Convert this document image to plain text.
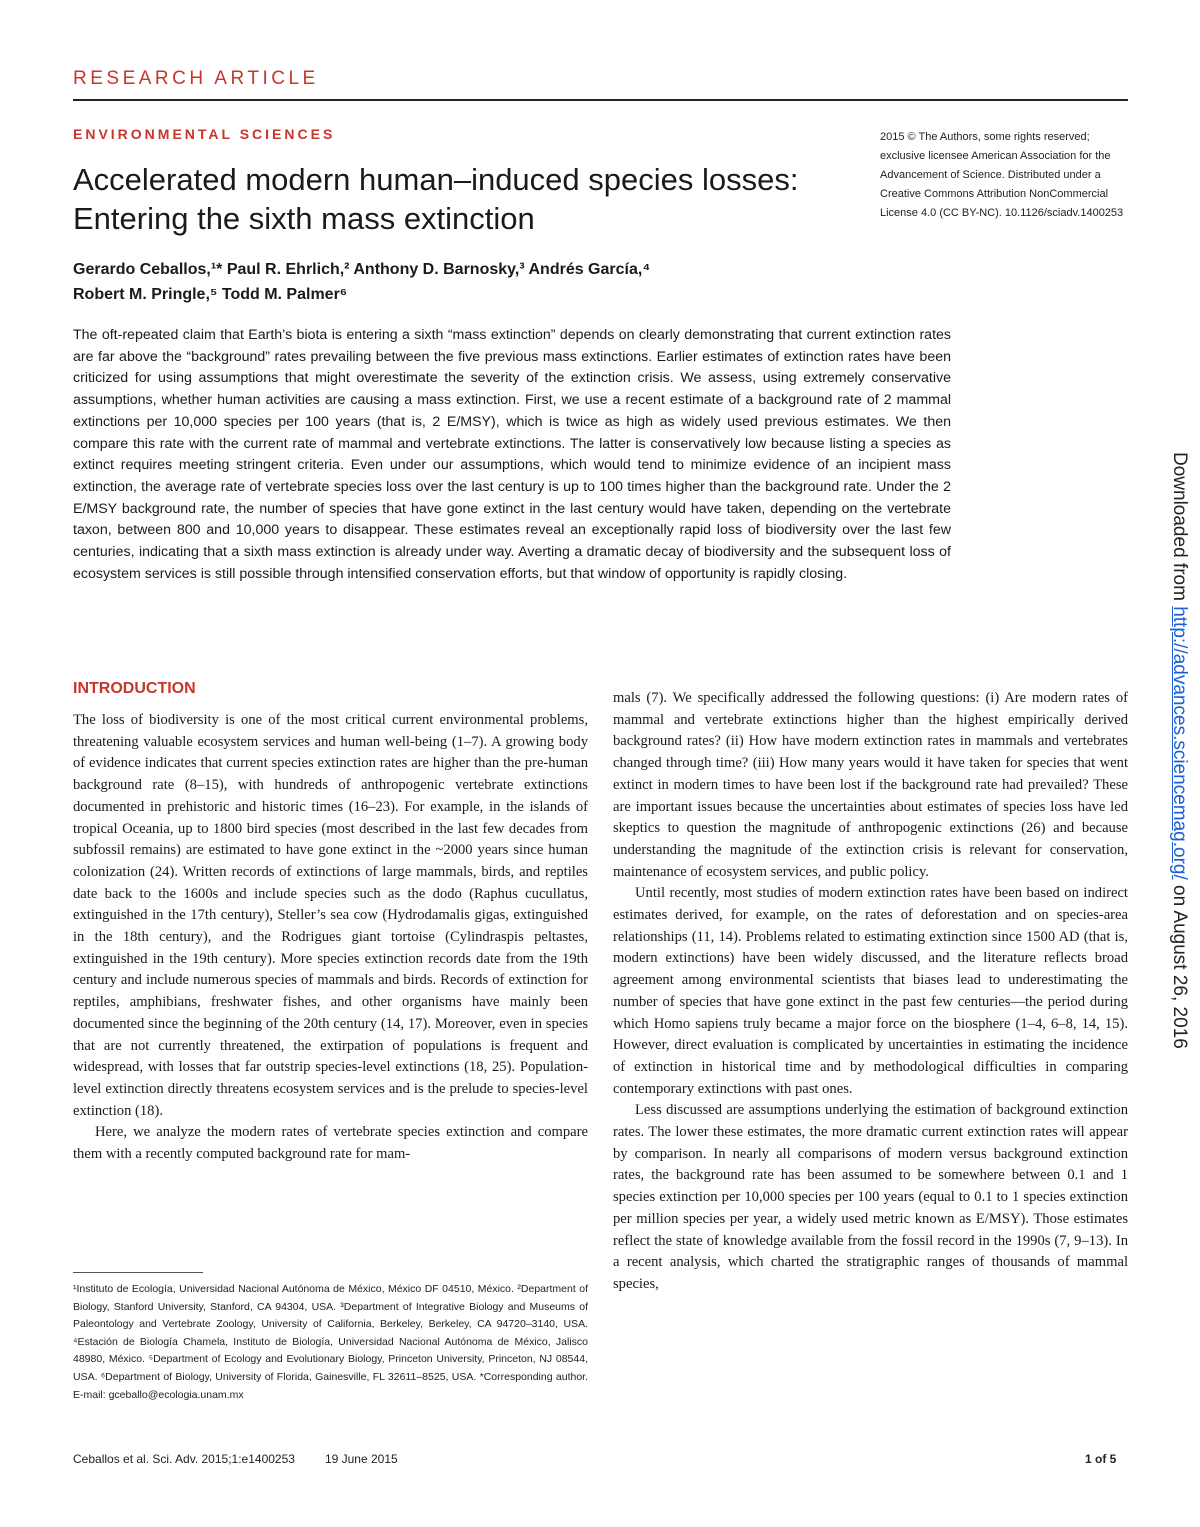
RESEARCH ARTICLE
ENVIRONMENTAL SCIENCES
Accelerated modern human–induced species losses: Entering the sixth mass extinction
Gerardo Ceballos,¹* Paul R. Ehrlich,² Anthony D. Barnosky,³ Andrés García,⁴
Robert M. Pringle,⁵ Todd M. Palmer⁶
2015 © The Authors, some rights reserved; exclusive licensee American Association for the Advancement of Science. Distributed under a Creative Commons Attribution NonCommercial License 4.0 (CC BY-NC). 10.1126/sciadv.1400253
The oft-repeated claim that Earth’s biota is entering a sixth “mass extinction” depends on clearly demonstrating that current extinction rates are far above the “background” rates prevailing between the five previous mass extinctions. Earlier estimates of extinction rates have been criticized for using assumptions that might overestimate the severity of the extinction crisis. We assess, using extremely conservative assumptions, whether human activities are causing a mass extinction. First, we use a recent estimate of a background rate of 2 mammal extinctions per 10,000 species per 100 years (that is, 2 E/MSY), which is twice as high as widely used previous estimates. We then compare this rate with the current rate of mammal and vertebrate extinctions. The latter is conservatively low because listing a species as extinct requires meeting stringent criteria. Even under our assumptions, which would tend to minimize evidence of an incipient mass extinction, the average rate of vertebrate species loss over the last century is up to 100 times higher than the background rate. Under the 2 E/MSY background rate, the number of species that have gone extinct in the last century would have taken, depending on the vertebrate taxon, between 800 and 10,000 years to disappear. These estimates reveal an exceptionally rapid loss of biodiversity over the last few centuries, indicating that a sixth mass extinction is already under way. Averting a dramatic decay of biodiversity and the subsequent loss of ecosystem services is still possible through intensified conservation efforts, but that window of opportunity is rapidly closing.
INTRODUCTION

The loss of biodiversity is one of the most critical current environmental problems, threatening valuable ecosystem services and human well-being (1–7). A growing body of evidence indicates that current species extinction rates are higher than the pre-human background rate (8–15), with hundreds of anthropogenic vertebrate extinctions documented in prehistoric and historic times (16–23). For example, in the islands of tropical Oceania, up to 1800 bird species (most described in the last few decades from subfossil remains) are estimated to have gone extinct in the ~2000 years since human colonization (24). Written records of extinctions of large mammals, birds, and reptiles date back to the 1600s and include species such as the dodo (Raphus cucullatus, extinguished in the 17th century), Steller’s sea cow (Hydrodamalis gigas, extinguished in the 18th century), and the Rodrigues giant tortoise (Cylindraspis peltastes, extinguished in the 19th century). More species extinction records date from the 19th century and include numerous species of mammals and birds. Records of extinction for reptiles, amphibians, freshwater fishes, and other organisms have mainly been documented since the beginning of the 20th century (14, 17). Moreover, even in species that are not currently threatened, the extirpation of populations is frequent and widespread, with losses that far outstrip species-level extinctions (18, 25). Population-level extinction directly threatens ecosystem services and is the prelude to species-level extinction (18).

Here, we analyze the modern rates of vertebrate species extinction and compare them with a recently computed background rate for mam-

mals (7). We specifically addressed the following questions: (i) Are modern rates of mammal and vertebrate extinctions higher than the highest empirically derived background rates? (ii) How have modern extinction rates in mammals and vertebrates changed through time? (iii) How many years would it have taken for species that went extinct in modern times to have been lost if the background rate had prevailed? These are important issues because the uncertainties about estimates of species loss have led skeptics to question the magnitude of anthropogenic extinctions (26) and because understanding the magnitude of the extinction crisis is relevant for conservation, maintenance of ecosystem services, and public policy.

Until recently, most studies of modern extinction rates have been based on indirect estimates derived, for example, on the rates of deforestation and on species-area relationships (11, 14). Problems related to estimating extinction since 1500 AD (that is, modern extinctions) have been widely discussed, and the literature reflects broad agreement among environmental scientists that biases lead to underestimating the number of species that have gone extinct in the past few centuries—the period during which Homo sapiens truly became a major force on the biosphere (1–4, 6–8, 14, 15). However, direct evaluation is complicated by uncertainties in estimating the incidence of extinction in historical time and by methodological difficulties in comparing contemporary extinctions with past ones.

Less discussed are assumptions underlying the estimation of background extinction rates. The lower these estimates, the more dramatic current extinction rates will appear by comparison. In nearly all comparisons of modern versus background extinction rates, the background rate has been assumed to be somewhere between 0.1 and 1 species extinction per 10,000 species per 100 years (equal to 0.1 to 1 species extinction per million species per year, a widely used metric known as E/MSY). Those estimates reflect the state of knowledge available from the fossil record in the 1990s (7, 9–13). In a recent analysis, which charted the stratigraphic ranges of thousands of mammal species,

¹Instituto de Ecología, Universidad Nacional Autónoma de México, México DF 04510, México. ²Department of Biology, Stanford University, Stanford, CA 94304, USA. ³Department of Integrative Biology and Museums of Paleontology and Vertebrate Zoology, University of California, Berkeley, Berkeley, CA 94720–3140, USA. ⁴Estación de Biología Chamela, Instituto de Biología, Universidad Nacional Autónoma de México, Jalisco 48980, México. ⁵Department of Ecology and Evolutionary Biology, Princeton University, Princeton, NJ 08544, USA. ⁶Department of Biology, University of Florida, Gainesville, FL 32611–8525, USA. *Corresponding author. E-mail: gceballo@ecologia.unam.mx
Ceballos et al. Sci. Adv. 2015;1:e1400253	19 June 2015	1 of 5
Downloaded from http://advances.sciencemag.org/ on August 26, 2016
